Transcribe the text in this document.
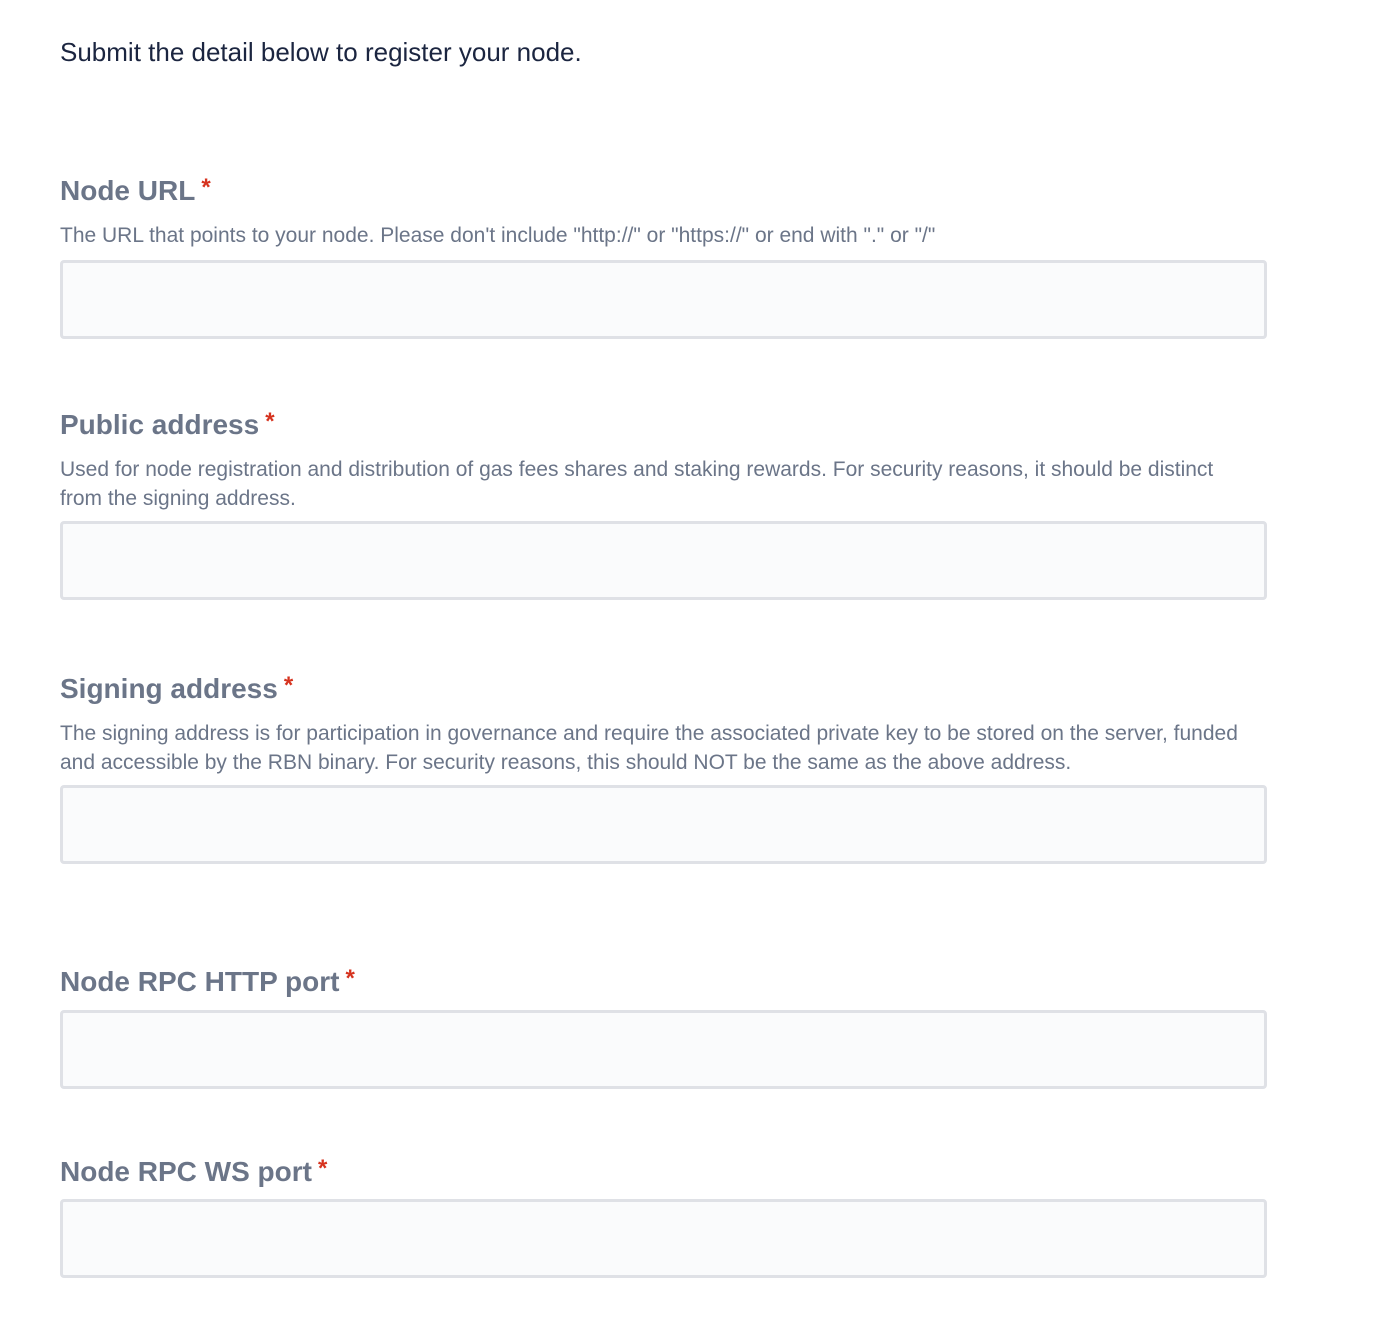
Submit the detail below to register your node.
Node URL *
The URL that points to your node. Please don't include "http://" or "https://" or end with "." or "/"
Public address *
Used for node registration and distribution of gas fees shares and staking rewards. For security reasons, it should be distinct from the signing address.
Signing address *
The signing address is for participation in governance and require the associated private key to be stored on the server, funded and accessible by the RBN binary. For security reasons, this should NOT be the same as the above address.
Node RPC HTTP port *
Node RPC WS port *
